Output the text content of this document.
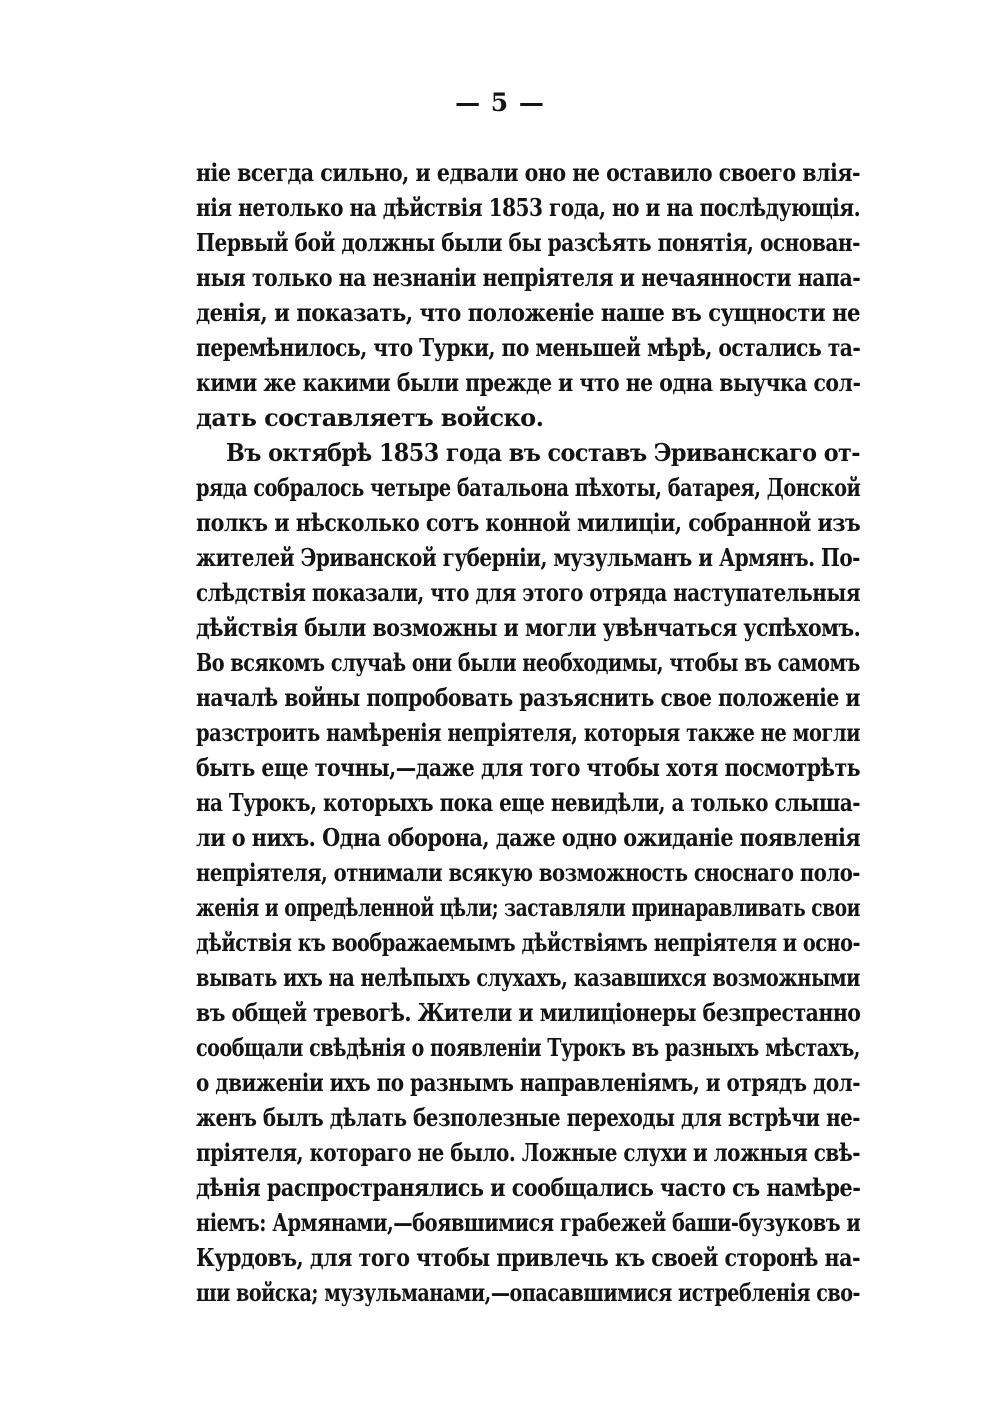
— 5 —
нiе всегда сильно, и едвали оно не оставило своего влiя-
нiя нетолько на дѣйствiя 1853 года, но и на послѣдующiя.
Первый бой должны были бы разсѣять понятiя, основан-
ныя только на незнанiи непрiятеля и нечаянности напа-
денiя, и показать, что положенiе наше въ сущности не
перемѣнилось, что Турки, по меньшей мѣрѣ, остались та-
кими же какими были прежде и что не одна выучка сол-
дать составляетъ войско.
Въ октябрѣ 1853 года въ составъ Эриванскаго от-
ряда собралось четыре батальона пѣхоты, батарея, Донской
полкъ и нѣсколько сотъ конной милицiи, собранной изъ
жителей Эриванской губернiи, музульманъ и Армянъ. По-
слѣдствiя показали, что для этого отряда наступательныя
дѣйствiя были возможны и могли увѣнчаться успѣхомъ.
Во всякомъ случаѣ они были необходимы, чтобы въ самомъ
началѣ войны попробовать разъяснить свое положенiе и
разстроить намѣренiя непрiятеля, которыя также не могли
быть еще точны,—даже для того чтобы хотя посмотрѣть
на Турокъ, которыхъ пока еще невидѣли, а только слыша-
ли о нихъ. Одна оборона, даже одно ожиданiе появленiя
непрiятеля, отнимали всякую возможность сноснаго поло-
женiя и опредѣленной цѣли; заставляли принаравливать свои
дѣйствiя къ воображаемымъ дѣйствiямъ непрiятеля и осно-
вывать ихъ на нелѣпыхъ слухахъ, казавшихся возможными
въ общей тревогѣ. Жители и милицiонеры безпрестанно
сообщали свѣдѣнiя о появленiи Турокъ въ разныхъ мѣстахъ,
о движенiи ихъ по разнымъ направленiямъ, и отрядъ дол-
женъ былъ дѣлать безполезные переходы для встрѣчи не-
прiятеля, котораго не было. Ложные слухи и ложныя свѣ-
дѣнiя распространялись и сообщались часто съ намѣре-
нiемъ: Армянами,—боявшимися грабежей баши-бузуковъ и
Курдовъ, для того чтобы привлечь къ своей сторонѣ на-
ши войска; музульманами,—опасавшимися истребленiя сво-
